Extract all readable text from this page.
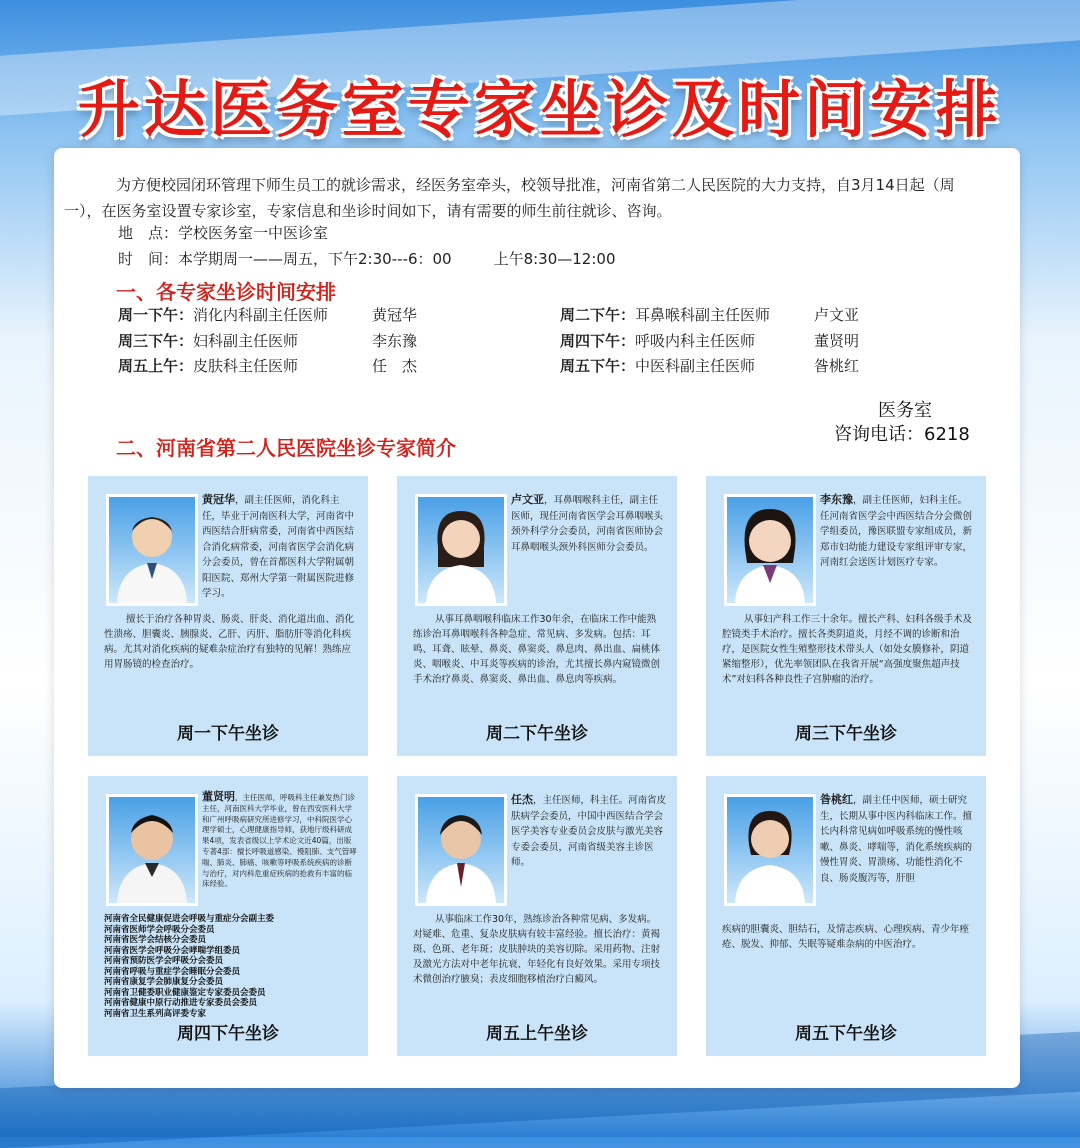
升达医务室专家坐诊及时间安排

为方便校园闭环管理下师生员工的就诊需求，经医务室牵头，校领导批准，河南省第二人民医院的大力支持，自3月14日起（周一），在医务室设置专家诊室，专家信息和坐诊时间如下，请有需要的师生前往就诊、咨询。

地　点：学校医务室一中医诊室
时　间：本学期周一——周五，下午2:30---6：00	上午8:30—12:00
一、各专家坐诊时间安排
周一下午：消化内科副主任医师	黄冠华	周二下午：耳鼻喉科副主任医师	卢文亚
周三下午：妇科副主任医师	李东豫	周四下午：呼吸内科主任医师	董贤明
周五上午：皮肤科主任医师	任　杰	周五下午：中医科副主任医师	昝桃红
医务室
咨询电话：6218
二、河南省第二人民医院坐诊专家简介

黄冠华，副主任医师，消化科主任，毕业于河南医科大学，河南省中西医结合肝病常委，河南省中西医结合消化病常委，河南省医学会消化病分会委员，曾在首都医科大学附属朝阳医院、郑州大学第一附属医院进修学习。

擅长于治疗各种胃炎、肠炎、肝炎、消化道出血、消化性溃疡、胆囊炎、胰腺炎、乙肝、丙肝、脂肪肝等消化科疾病。尤其对消化疾病的疑难杂症治疗有独特的见解！熟练应用胃肠镜的检查治疗。

周一下午坐诊

卢文亚，耳鼻咽喉科主任，副主任医师，现任河南省医学会耳鼻咽喉头颈外科学分会委员，河南省医师协会耳鼻咽喉头颈外科医师分会委员。

从事耳鼻咽喉科临床工作30年余，在临床工作中能熟练诊治耳鼻咽喉科各种急症、常见病、多发病。包括：耳鸣、耳聋、眩晕、鼻炎、鼻窦炎、鼻息肉、鼻出血、扁桃体炎、咽喉炎、中耳炎等疾病的诊治，尤其擅长鼻内窥镜微创手术治疗鼻炎、鼻窦炎、鼻出血、鼻息肉等疾病。

周二下午坐诊

李东豫，副主任医师，妇科主任。任河南省医学会中西医结合分会微创学组委员，豫医联盟专家组成员，新郑市妇幼能力建设专家组评审专家，河南红会送医计划医疗专家。

从事妇产科工作三十余年。擅长产科、妇科各级手术及腔镜类手术治疗。擅长各类阴道炎，月经不调的诊断和治疗，是医院女性生殖整形技术带头人（如处女膜修补，阴道紧缩整形），优先率领团队在我省开展“高强度聚焦超声技术”对妇科各种良性子宫肿瘤的治疗。

周三下午坐诊

董贤明，主任医师，呼吸科主任兼发热门诊主任，河南医科大学毕业，曾在西安医科大学和广州呼吸病研究所进修学习，中科院医学心理学硕士，心理健康指导师，获地厅级科研成果4项，发表省级以上学术论文近40篇，出版专著4部：擅长呼吸道感染、慢阻肺、支气管哮喘、肺炎、肺癌、咳嗽等呼吸系统疾病的诊断与治疗，对内科危重症疾病的抢救有丰富的临床经验。

河南省全民健康促进会呼吸与重症分会副主委
河南省医师学会呼吸分会委员
河南省医学会结核分会委员
河南省医学会呼吸分会哮喘学组委员
河南省预防医学会呼吸分会委员
河南省呼吸与重症学会睡眠分会委员
河南省康复学会肺康复分会委员
河南省卫健委职业健康鉴定专家委员会委员
河南省健康中原行动推进专家委员会委员
河南省卫生系列高评委专家
周四下午坐诊

任杰，主任医师，科主任。河南省皮肤病学会委员，中国中西医结合学会医学美容专业委员会皮肤与激光美容专委会委员，河南省级美容主诊医师。

从事临床工作30年，熟练诊治各种常见病、多发病。对疑难、危重、复杂皮肤病有较丰富经验。擅长治疗：黄褐斑、色斑、老年斑；皮肤肿块的美容切除。采用药物、注射及激光方法对中老年抗衰、年轻化有良好效果。采用专项技术微创治疗腋臭；表皮细胞移植治疗白癜风。

周五上午坐诊

昝桃红，副主任中医师，硕士研究生，长期从事中医内科临床工作。擅长内科常见病如呼吸系统的慢性咳嗽、鼻炎、哮喘等，消化系统疾病的慢性胃炎、胃溃疡、功能性消化不良、肠炎腹泻等，肝胆

疾病的胆囊炎、胆结石，及情志疾病、心理疾病、青少年痤疮、脱发、抑郁、失眠等疑难杂病的中医治疗。

周五下午坐诊
